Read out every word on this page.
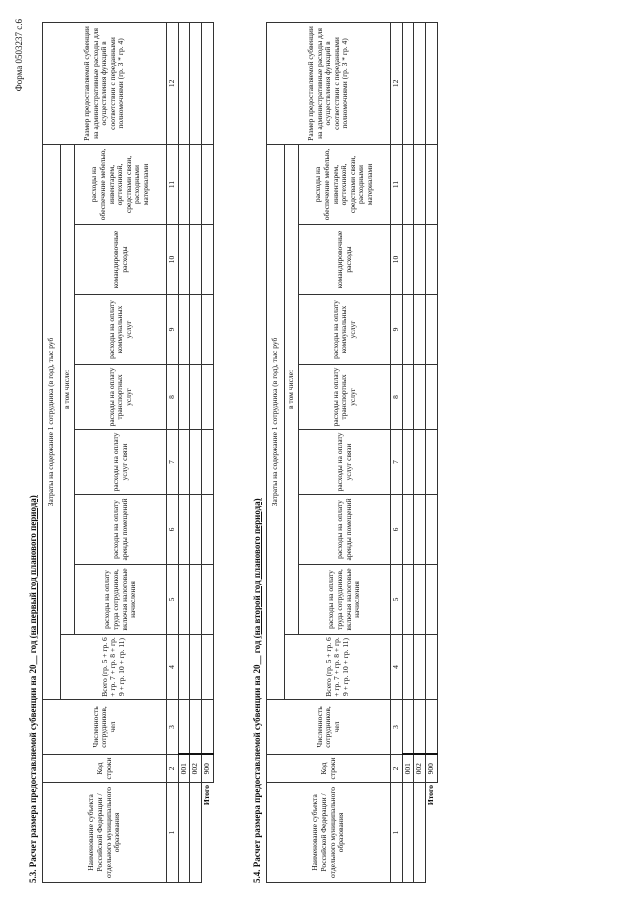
Форма 0503237 с.6
5.3. Расчет размера предоставляемой субвенции на 20__ год (на первый год планового периода)
Наименование субъекта Российской Федерации / отдельного муниципального образования	Код строки	Численность сотрудников, чел	Затраты на содержание 1 сотрудника (в год), тыс руб								Размер предоставляемой субвенции на административные расходы для осуществления функций в соответствии с переданными полномочиями (гр. 3 * гр. 4)
			Всего (гр. 5 + гр. 6 + гр. 7 + гр. 8 + гр. 9 + гр. 10 + гр. 11)	в том числе:							
				расходы на оплату труда сотрудников, включая налоговые начисления	расходы на оплату аренды помещений	расходы на оплату услуг связи	расходы на оплату транспортных услуг	расходы на оплату коммунальных услуг	командировочные расходы	расходы на обеспечение мебелью, инвентарем, оргтехникой, средствами связи, расходными материалами	
1	2	3	4	5	6	7	8	9	10	11	12
	001										
	002										
Итого	900											5.4. Расчет размера предоставляемой субвенции на 20__ год (на второй год планового периода)
Наименование субъекта Российской Федерации / отдельного муниципального образования	Код строки	Численность сотрудников, чел	Затраты на содержание 1 сотрудника (в год), тыс руб								Размер предоставляемой субвенции на административные расходы для осуществления функций в соответствии с переданными полномочиями (гр. 3 * гр. 4)
			Всего (гр. 5 + гр. 6 + гр. 7 + гр. 8 + гр. 9 + гр. 10 + гр. 11)	в том числе:							
				расходы на оплату труда сотрудников, включая налоговые начисления	расходы на оплату аренды помещений	расходы на оплату услуг связи	расходы на оплату транспортных услуг	расходы на оплату коммунальных услуг	командировочные расходы	расходы на обеспечение мебелью, инвентарем, оргтехникой, средствами связи, расходными материалами	
1	2	3	4	5	6	7	8	9	10	11	12
	001										
	002										
Итого	900										
